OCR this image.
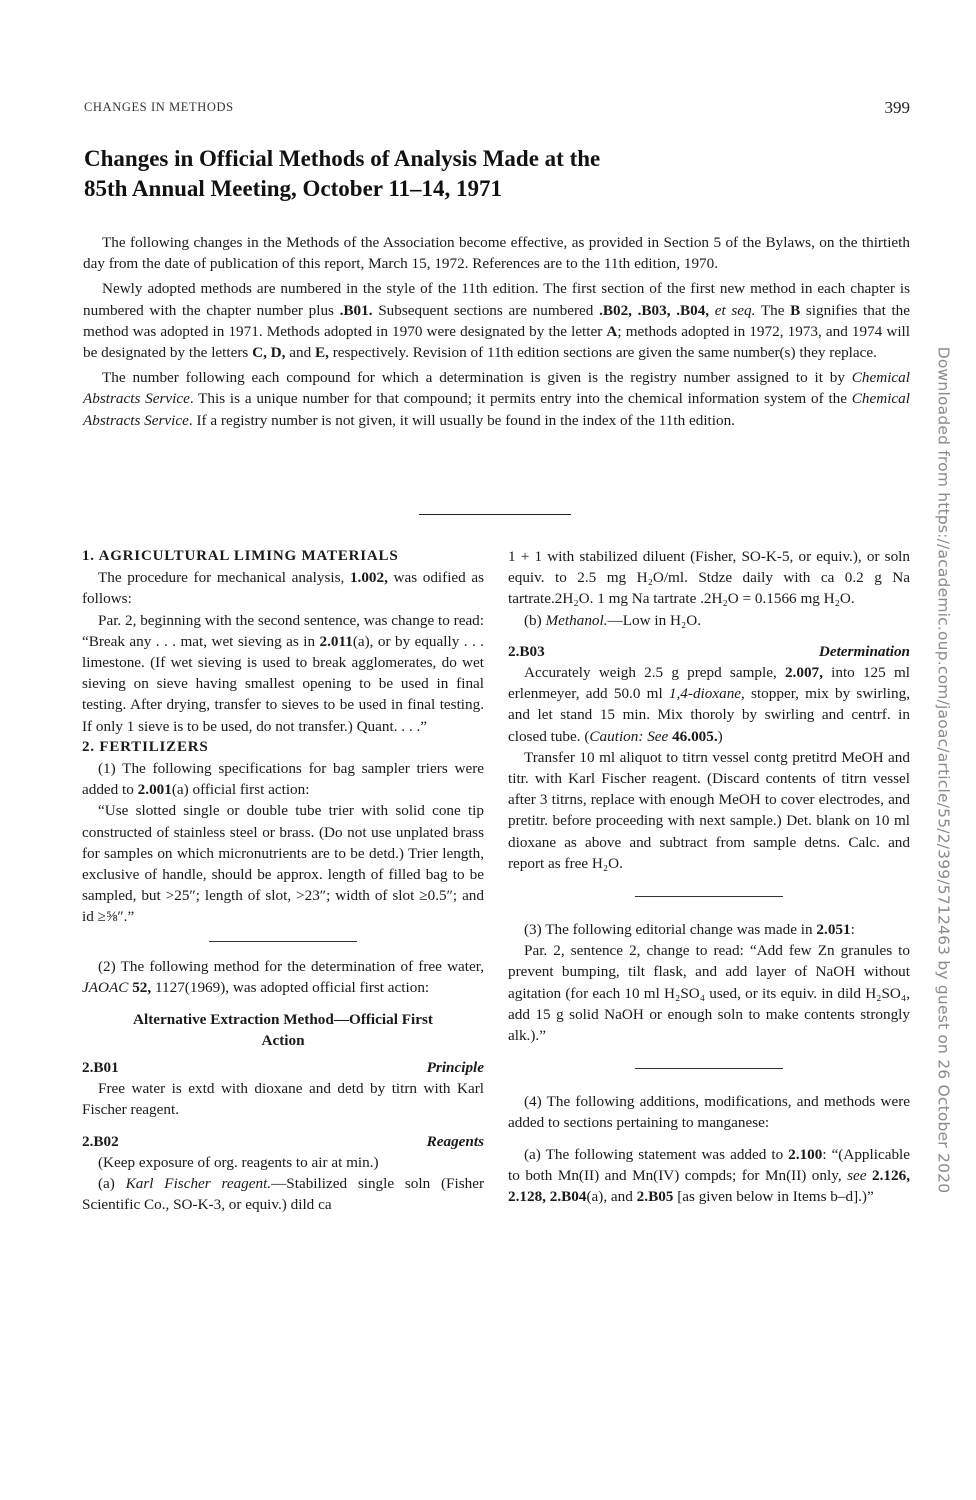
CHANGES IN METHODS	399
Changes in Official Methods of Analysis Made at the
85th Annual Meeting, October 11–14, 1971

The following changes in the Methods of the Association become effective, as provided in Section 5 of the Bylaws, on the thirtieth day from the date of publication of this report, March 15, 1972. References are to the 11th edition, 1970.

Newly adopted methods are numbered in the style of the 11th edition. The first section of the first new method in each chapter is numbered with the chapter number plus .B01. Subsequent sections are numbered .B02, .B03, .B04, et seq. The B signifies that the method was adopted in 1971. Methods adopted in 1970 were designated by the letter A; methods adopted in 1972, 1973, and 1974 will be designated by the letters C, D, and E, respectively. Revision of 11th edition sections are given the same number(s) they replace.

The number following each compound for which a determination is given is the registry number assigned to it by Chemical Abstracts Service. This is a unique number for that compound; it permits entry into the chemical information system of the Chemical Abstracts Service. If a registry number is not given, it will usually be found in the index of the 11th edition.

1. AGRICULTURAL LIMING MATERIALS

The procedure for mechanical analysis, 1.002, was odified as follows:

Par. 2, beginning with the second sentence, was change to read: “Break any . . . mat, wet sieving as in 2.011(a), or by equally . . . limestone. (If wet sieving is used to break agglomerates, do wet sieving on sieve having smallest opening to be used in final testing. After drying, transfer to sieves to be used in final testing. If only 1 sieve is to be used, do not transfer.) Quant. . . .”

2. FERTILIZERS

(1) The following specifications for bag sampler triers were added to 2.001(a) official first action:

“Use slotted single or double tube trier with solid cone tip constructed of stainless steel or brass. (Do not use unplated brass for samples on which micronutrients are to be detd.) Trier length, exclusive of handle, should be approx. length of filled bag to be sampled, but >25″; length of slot, >23″; width of slot ≥0.5″; and id ≥⅝″.”

(2) The following method for the determination of free water, JAOAC 52, 1127(1969), was adopted official first action:

Alternative Extraction Method—Official First Action
2.B01	Principle

Free water is extd with dioxane and detd by titrn with Karl Fischer reagent.

2.B02	Reagents

(Keep exposure of org. reagents to air at min.)

(a) Karl Fischer reagent.—Stabilized single soln (Fisher Scientific Co., SO-K-3, or equiv.) dild ca

1 + 1 with stabilized diluent (Fisher, SO-K-5, or equiv.), or soln equiv. to 2.5 mg H₂O/ml. Stdze daily with ca 0.2 g Na tartrate.2H₂O. 1 mg Na tartrate .2H₂O = 0.1566 mg H₂O.

(b) Methanol.—Low in H₂O.

2.B03	Determination

Accurately weigh 2.5 g prepd sample, 2.007, into 125 ml erlenmeyer, add 50.0 ml 1,4-dioxane, stopper, mix by swirling, and let stand 15 min. Mix thoroly by swirling and centrf. in closed tube. (Caution: See 46.005.)

Transfer 10 ml aliquot to titrn vessel contg pretitrd MeOH and titr. with Karl Fischer reagent. (Discard contents of titrn vessel after 3 titrns, replace with enough MeOH to cover electrodes, and pretitr. before proceeding with next sample.) Det. blank on 10 ml dioxane as above and subtract from sample detns. Calc. and report as free H₂O.

(3) The following editorial change was made in 2.051:

Par. 2, sentence 2, change to read: “Add few Zn granules to prevent bumping, tilt flask, and add layer of NaOH without agitation (for each 10 ml H₂SO₄ used, or its equiv. in dild H₂SO₄, add 15 g solid NaOH or enough soln to make contents strongly alk.).”

(4) The following additions, modifications, and methods were added to sections pertaining to manganese:

(a) The following statement was added to 2.100: “(Applicable to both Mn(II) and Mn(IV) compds; for Mn(II) only, see 2.126, 2.128, 2.B04(a), and 2.B05 [as given below in Items b–d].)”

Downloaded from https://academic.oup.com/jaoac/article/55/2/399/5712463 by guest on 26 October 2020
